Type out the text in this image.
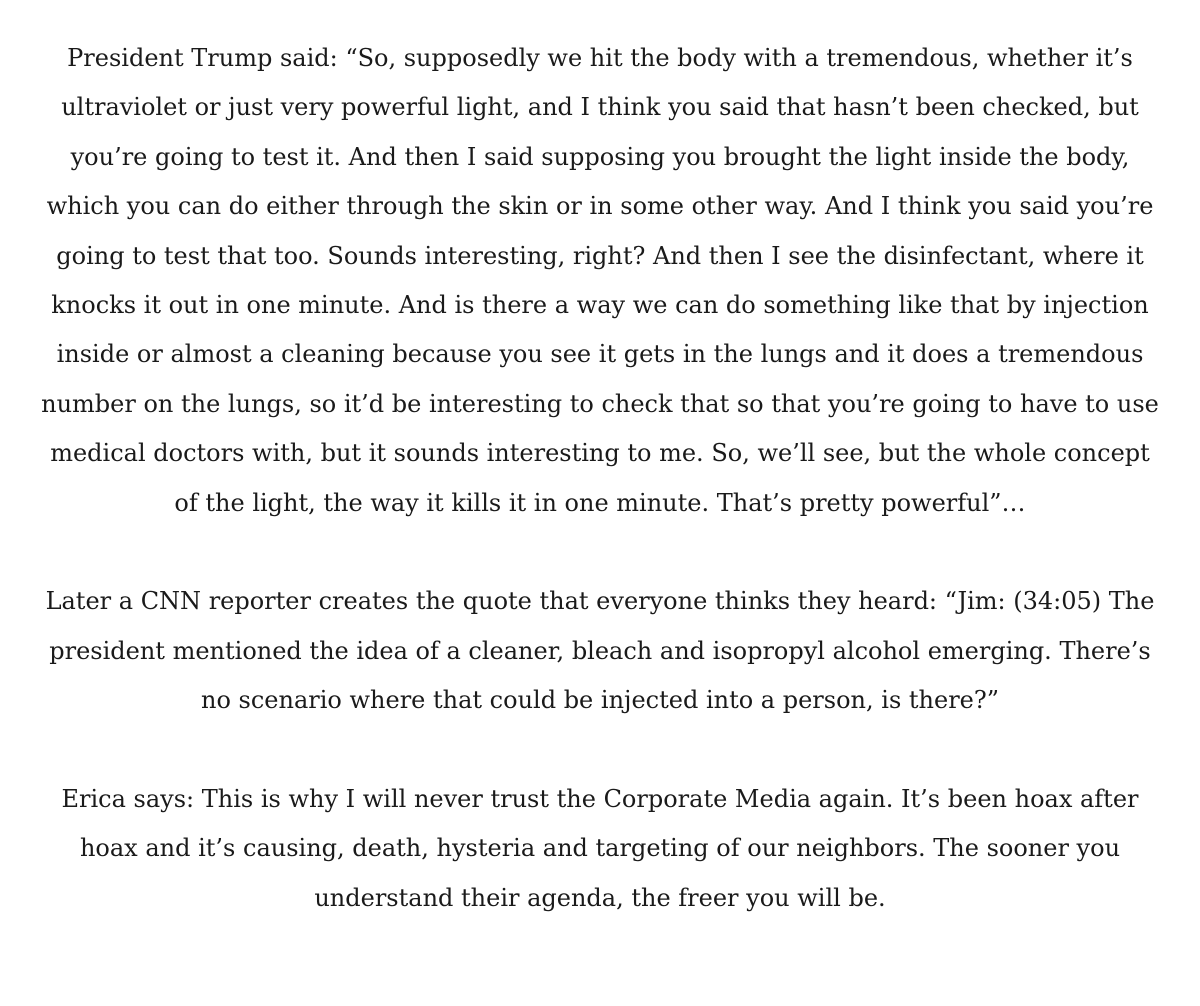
President Trump said: “So, supposedly we hit the body with a tremendous, whether it’s ultraviolet or just very powerful light, and I think you said that hasn’t been checked, but you’re going to test it. And then I said supposing you brought the light inside the body, which you can do either through the skin or in some other way. And I think you said you’re going to test that too. Sounds interesting, right? And then I see the disinfectant, where it knocks it out in one minute. And is there a way we can do something like that by injection inside or almost a cleaning because you see it gets in the lungs and it does a tremendous number on the lungs, so it’d be interesting to check that so that you’re going to have to use medical doctors with, but it sounds interesting to me. So, we’ll see, but the whole concept of the light, the way it kills it in one minute. That’s pretty powerful”…

Later a CNN reporter creates the quote that everyone thinks they heard: “Jim: (34:05) The president mentioned the idea of a cleaner, bleach and isopropyl alcohol emerging. There’s no scenario where that could be injected into a person, is there?”

Erica says: This is why I will never trust the Corporate Media again. It’s been hoax after hoax and it’s causing, death, hysteria and targeting of our neighbors. The sooner you understand their agenda, the freer you will be.
